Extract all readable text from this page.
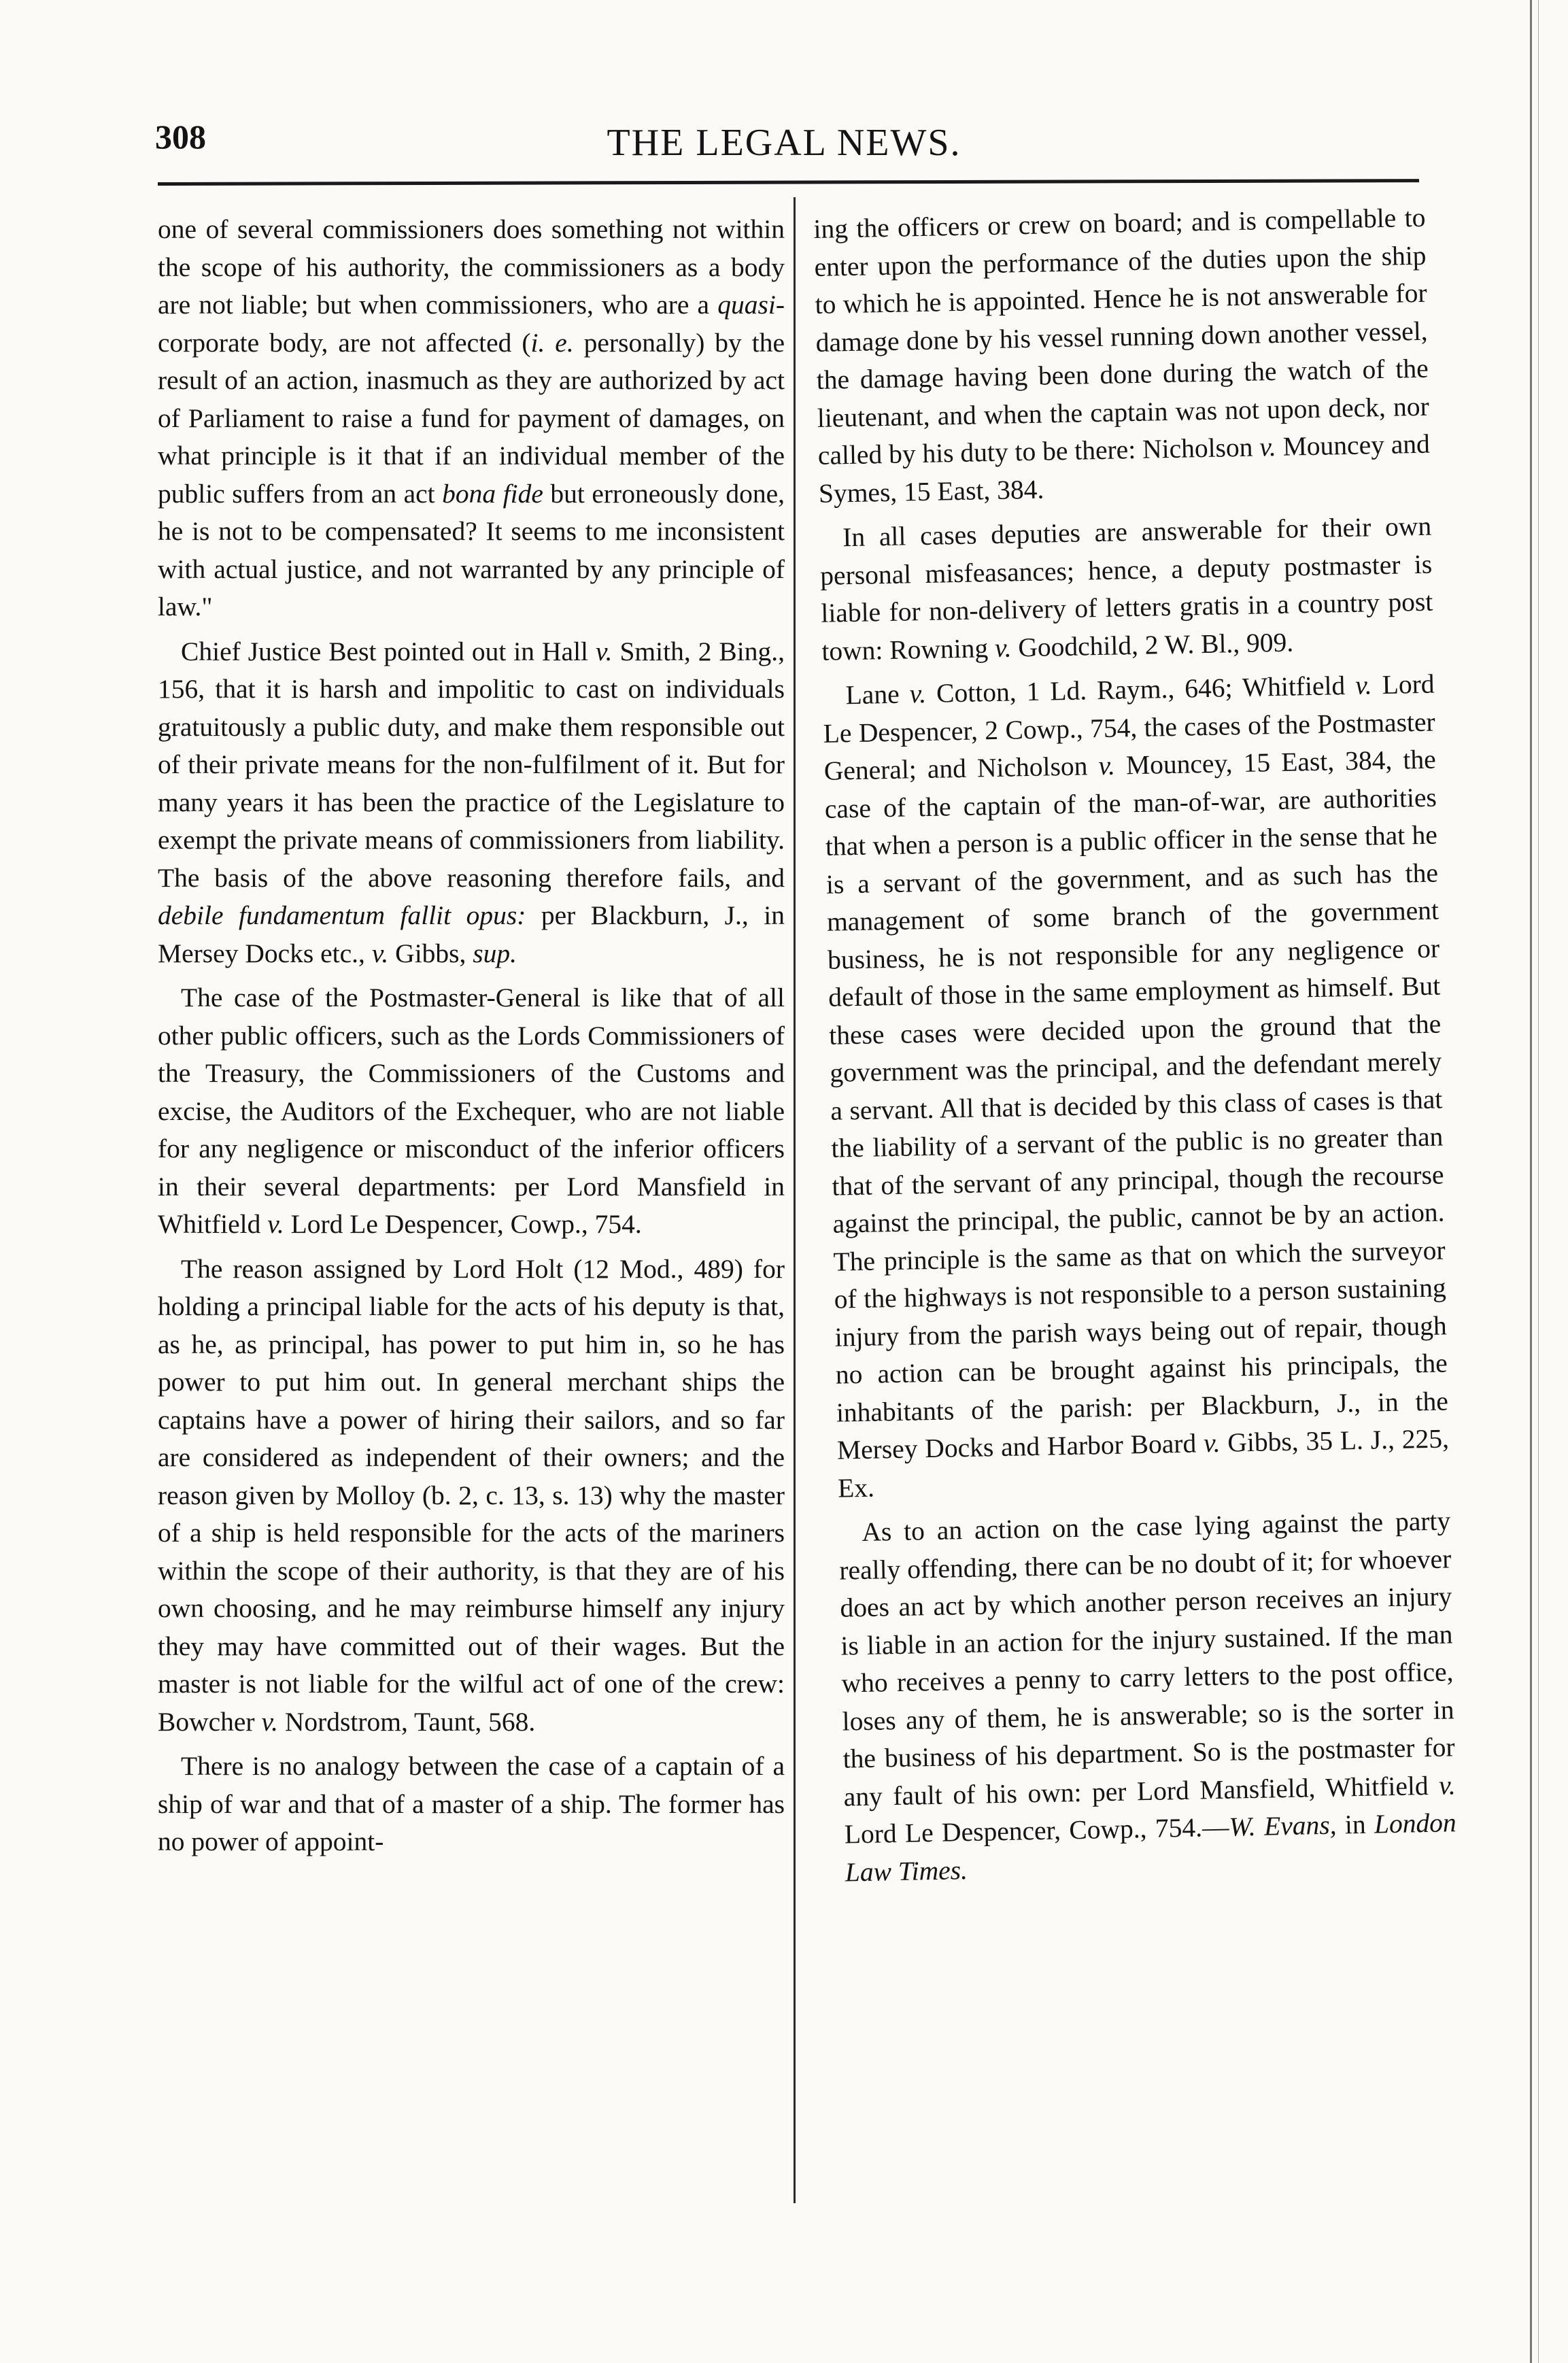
308	THE LEGAL NEWS.

one of several commissioners does something not within the scope of his authority, the commissioners as a body are not liable; but when commissioners, who are a quasi-corporate body, are not affected (i. e. personally) by the result of an action, inasmuch as they are authorized by act of Parliament to raise a fund for payment of damages, on what principle is it that if an individual member of the public suffers from an act bona fide but erroneously done, he is not to be compensated? It seems to me inconsistent with actual justice, and not warranted by any principle of law."

Chief Justice Best pointed out in Hall v. Smith, 2 Bing., 156, that it is harsh and impolitic to cast on individuals gratuitously a public duty, and make them responsible out of their private means for the non-fulfilment of it. But for many years it has been the practice of the Legislature to exempt the private means of commissioners from liability. The basis of the above reasoning therefore fails, and debile fundamentum fallit opus: per Blackburn, J., in Mersey Docks etc., v. Gibbs, sup.

The case of the Postmaster-General is like that of all other public officers, such as the Lords Commissioners of the Treasury, the Commissioners of the Customs and excise, the Auditors of the Exchequer, who are not liable for any negligence or misconduct of the inferior officers in their several departments: per Lord Mansfield in Whitfield v. Lord Le Despencer, Cowp., 754.

The reason assigned by Lord Holt (12 Mod., 489) for holding a principal liable for the acts of his deputy is that, as he, as principal, has power to put him in, so he has power to put him out. In general merchant ships the captains have a power of hiring their sailors, and so far are considered as independent of their owners; and the reason given by Molloy (b. 2, c. 13, s. 13) why the master of a ship is held responsible for the acts of the mariners within the scope of their authority, is that they are of his own choosing, and he may reimburse himself any injury they may have committed out of their wages. But the master is not liable for the wilful act of one of the crew: Bowcher v. Nordstrom, Taunt, 568.

There is no analogy between the case of a captain of a ship of war and that of a master of a ship. The former has no power of appoint-

ing the officers or crew on board; and is compellable to enter upon the performance of the duties upon the ship to which he is appointed. Hence he is not answerable for damage done by his vessel running down another vessel, the damage having been done during the watch of the lieutenant, and when the captain was not upon deck, nor called by his duty to be there: Nicholson v. Mouncey and Symes, 15 East, 384.

In all cases deputies are answerable for their own personal misfeasances; hence, a deputy postmaster is liable for non-delivery of letters gratis in a country post town: Rowning v. Goodchild, 2 W. Bl., 909.

Lane v. Cotton, 1 Ld. Raym., 646; Whitfield v. Lord Le Despencer, 2 Cowp., 754, the cases of the Postmaster General; and Nicholson v. Mouncey, 15 East, 384, the case of the captain of the man-of-war, are authorities that when a person is a public officer in the sense that he is a servant of the government, and as such has the management of some branch of the government business, he is not responsible for any negligence or default of those in the same employment as himself. But these cases were decided upon the ground that the government was the principal, and the defendant merely a servant. All that is decided by this class of cases is that the liability of a servant of the public is no greater than that of the servant of any principal, though the recourse against the principal, the public, cannot be by an action. The principle is the same as that on which the surveyor of the highways is not responsible to a person sustaining injury from the parish ways being out of repair, though no action can be brought against his principals, the inhabitants of the parish: per Blackburn, J., in the Mersey Docks and Harbor Board v. Gibbs, 35 L. J., 225, Ex.

As to an action on the case lying against the party really offending, there can be no doubt of it; for whoever does an act by which another person receives an injury is liable in an action for the injury sustained. If the man who receives a penny to carry letters to the post office, loses any of them, he is answerable; so is the sorter in the business of his department. So is the postmaster for any fault of his own: per Lord Mansfield, Whitfield v. Lord Le Despencer, Cowp., 754.—W. Evans, in London Law Times.
